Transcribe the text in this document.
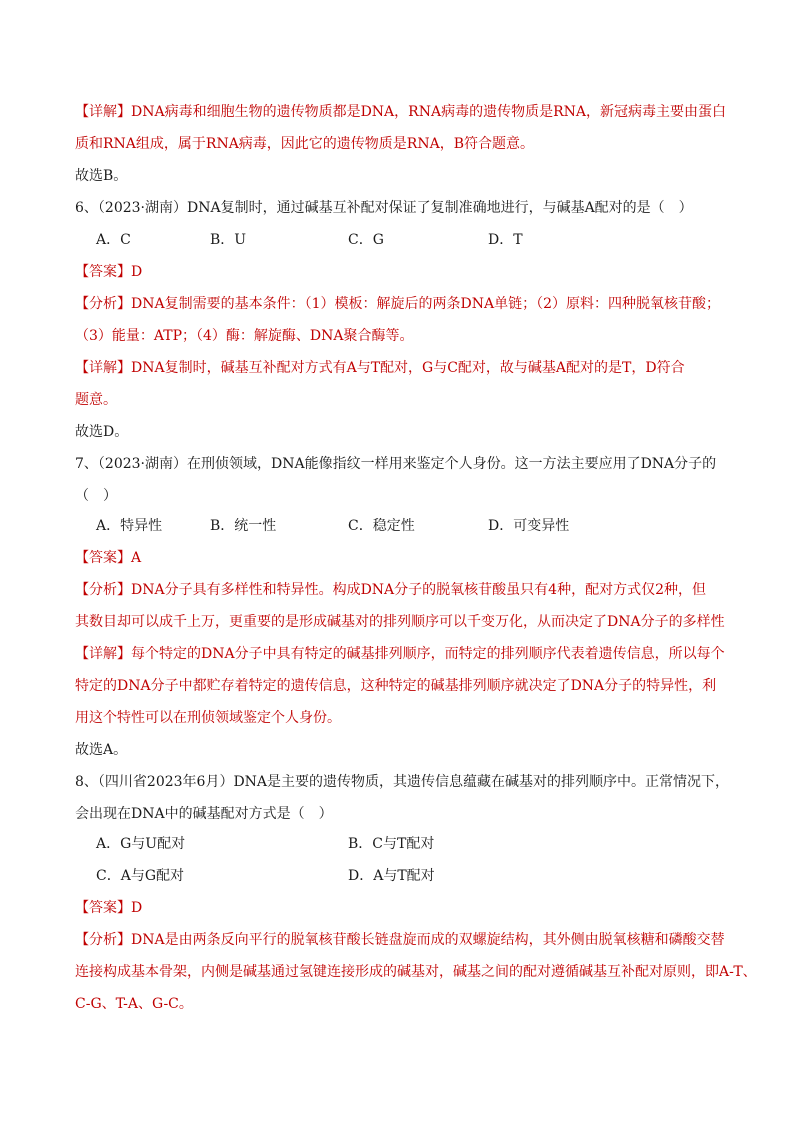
【详解】DNA病毒和细胞生物的遗传物质都是DNA，RNA病毒的遗传物质是RNA，新冠病毒主要由蛋白
质和RNA组成，属于RNA病毒，因此它的遗传物质是RNA，B符合题意。
故选B。
6、（2023·湖南）DNA复制时，通过碱基互补配对保证了复制准确地进行，与碱基A配对的是（　）
A．C	B．U	C．G	D．T
【答案】D
【分析】DNA复制需要的基本条件：（1）模板：解旋后的两条DNA单链；（2）原料：四种脱氧核苷酸；
（3）能量：ATP；（4）酶：解旋酶、DNA聚合酶等。
【详解】DNA复制时，碱基互补配对方式有A与T配对，G与C配对，故与碱基A配对的是T，D符合
题意。
故选D。
7、（2023·湖南）在刑侦领域，DNA能像指纹一样用来鉴定个人身份。这一方法主要应用了DNA分子的
（　）
A．特异性	B．统一性	C．稳定性	D．可变异性
【答案】A
【分析】DNA分子具有多样性和特异性。构成DNA分子的脱氧核苷酸虽只有4种，配对方式仅2种，但
其数目却可以成千上万，更重要的是形成碱基对的排列顺序可以千变万化，从而决定了DNA分子的多样性
【详解】每个特定的DNA分子中具有特定的碱基排列顺序，而特定的排列顺序代表着遗传信息，所以每个
特定的DNA分子中都贮存着特定的遗传信息，这种特定的碱基排列顺序就决定了DNA分子的特异性，利
用这个特性可以在刑侦领域鉴定个人身份。
故选A。
8、（四川省2023年6月）DNA是主要的遗传物质，其遗传信息蕴藏在碱基对的排列顺序中。正常情况下，
会出现在DNA中的碱基配对方式是（　）
A．G与U配对	B．C与T配对
C．A与G配对	D．A与T配对
【答案】D
【分析】DNA是由两条反向平行的脱氧核苷酸长链盘旋而成的双螺旋结构，其外侧由脱氧核糖和磷酸交替
连接构成基本骨架，内侧是碱基通过氢键连接形成的碱基对，碱基之间的配对遵循碱基互补配对原则，即A-T、
C-G、T-A、G-C。
